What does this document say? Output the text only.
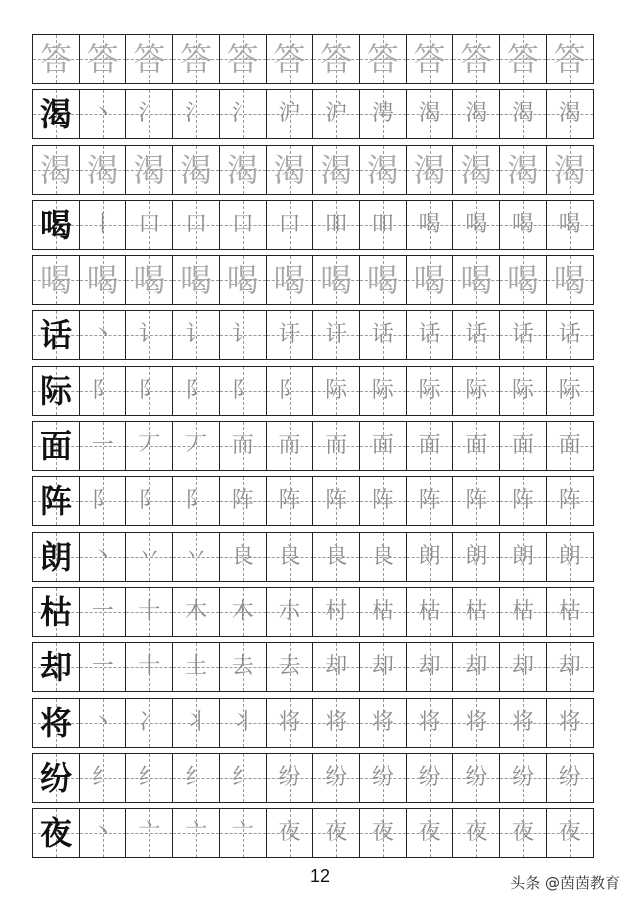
答 答 答 答 答 答 答 答 答 答 答 答
渴 丶	氵	氵	氵	沪	沪	涄	渴	渴	渴	渴
渴 渴 渴 渴 渴 渴 渴 渴 渴 渴 渴 渴
喝 丨	口	口	口	口	吅	吅	喝	喝	喝	喝
喝 喝 喝 喝 喝 喝 喝 喝 喝 喝 喝 喝
话 丶	讠	讠	讠	讦	讦	话	话	话	话	话
际 阝	阝	阝	阝	阝	际	际	际	际	际	际
面 一	丆	丆	而	而	而	面	面	面	面	面
阵 阝	阝	阝	阵	阵	阵	阵	阵	阵	阵	阵
朗 丶	丷	丷	良	良	良	良	朗	朗	朗	朗
枯 一	十	木	木	朩	村	枯	枯	枯	枯	枯
却 一	十	土	去	去	却	却	却	却	却	却
将 丶	冫	丬	丬	将	将	将	将	将	将	将
纷 纟	纟	纟	纟	纷	纷	纷	纷	纷	纷	纷
夜 丶	亠	亠	亠	夜	夜	夜	夜	夜	夜	夜
12	头条 @茵茵教育
